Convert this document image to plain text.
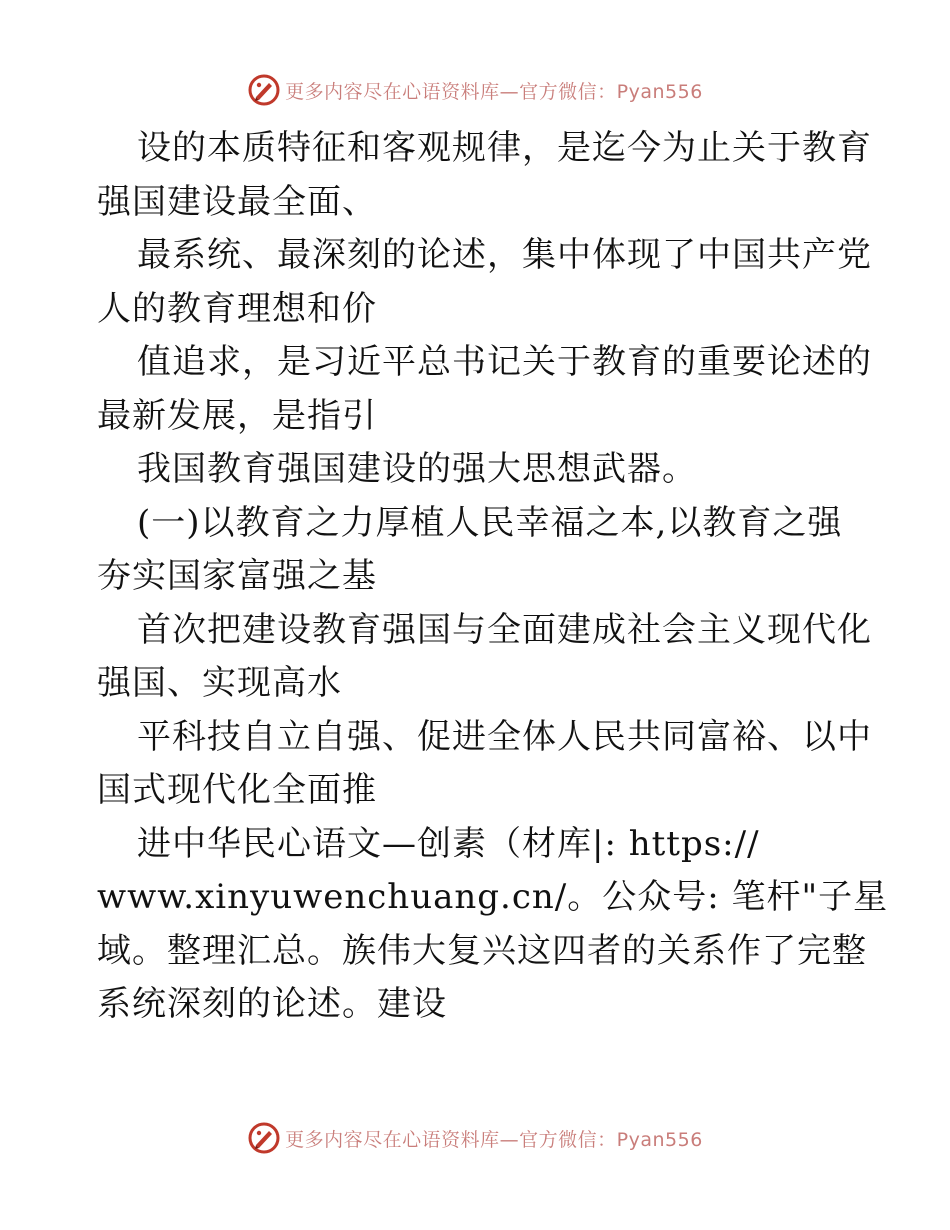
更多内容尽在心语资料库—官方微信：Pyan556
设的本质特征和客观规律，是迄今为止关于教育
强国建设最全面、
最系统、最深刻的论述，集中体现了中国共产党
人的教育理想和价
值追求，是习近平总书记关于教育的重要论述的
最新发展，是指引
我国教育强国建设的强大思想武器。
(一)以教育之力厚植人民幸福之本,以教育之强
夯实国家富强之基
首次把建设教育强国与全面建成社会主义现代化
强国、实现高水
平科技自立自强、促进全体人民共同富裕、以中
国式现代化全面推
进中华民心语文—创素（材库|: https://
www.xinyuwenchuang.cn/。公众号: 笔杆"子星
域。整理汇总。族伟大复兴这四者的关系作了完整
系统深刻的论述。建设
更多内容尽在心语资料库—官方微信：Pyan556
